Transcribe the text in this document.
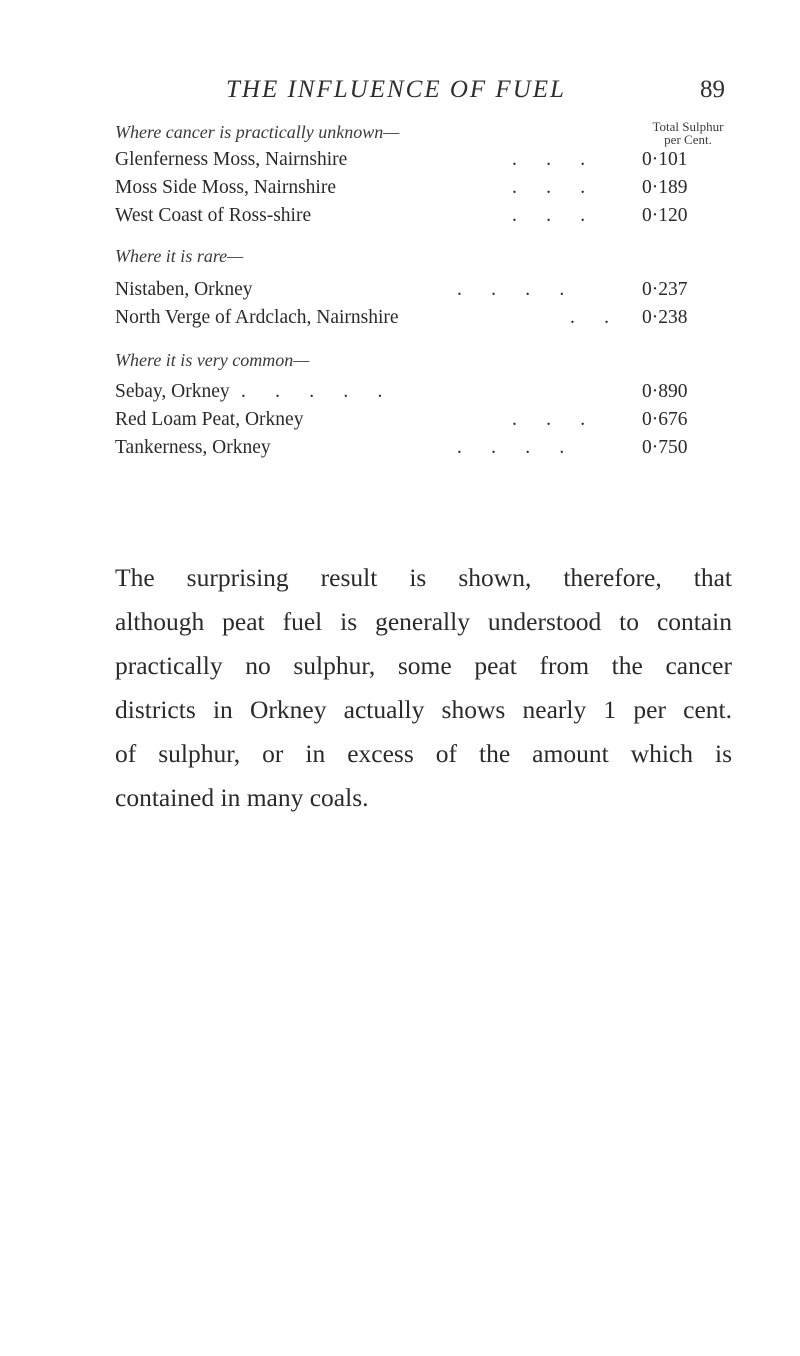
THE INFLUENCE OF FUEL	89
Total Sulphur
per Cent.
Where cancer is practically unknown—
Glenferness Moss, Nairnshire	.      .      .	0·101
Moss Side Moss, Nairnshire	.      .      .	0·189
West Coast of Ross-shire	.      .      .	0·120
Where it is rare—
Nistaben, Orkney	.      .      .      .	0·237
North Verge of Ardclach, Nairnshire	.      . 0·238
Where it is very common—
Sebay, Orkney .      .      .      .      .	0·890
Red Loam Peat, Orkney	.      .      .	0·676
Tankerness, Orkney	.      .      .      .	0·750
The surprising result is shown, therefore, that
although peat fuel is generally understood to contain
practically no sulphur, some peat from the cancer
districts in Orkney actually shows nearly 1 per cent.
of sulphur, or in excess of the amount which is
contained in many coals.
